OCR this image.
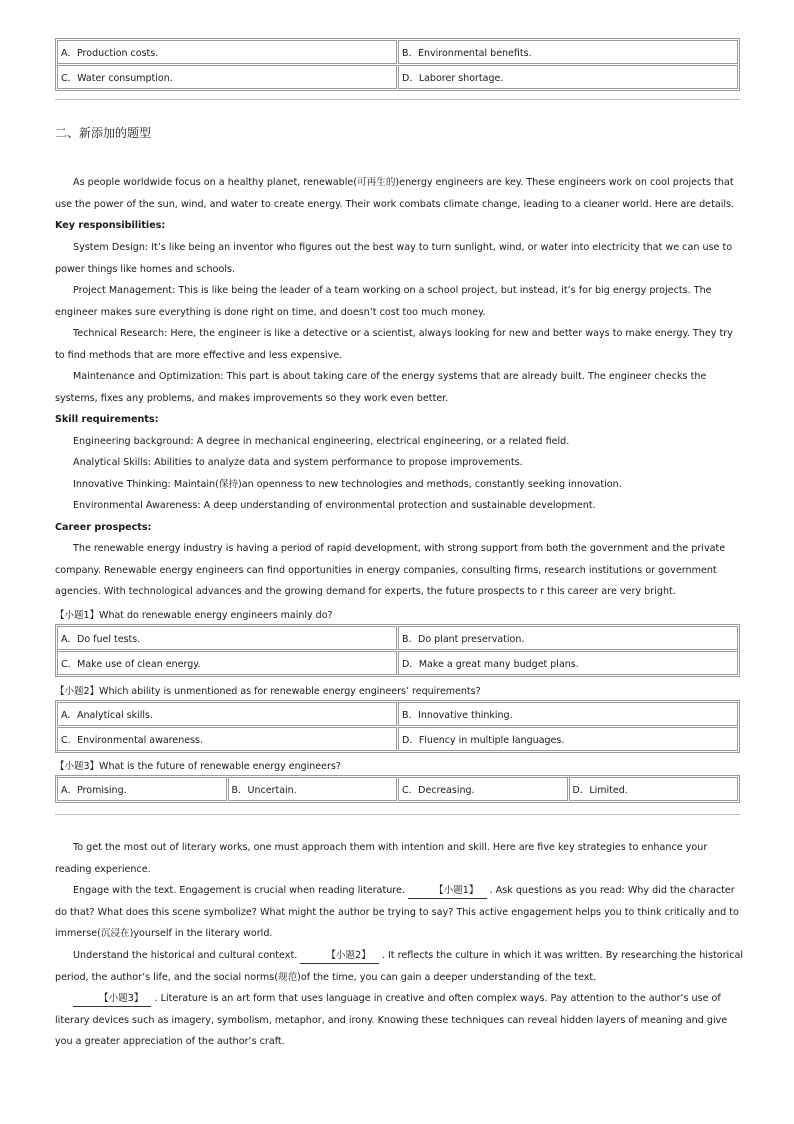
A．Production costs.	B．Environmental benefits.
C．Water consumption.	D．Laborer shortage.
二、新添加的题型
As people worldwide focus on a healthy planet, renewable(可再生的)energy engineers are key. These engineers work on cool projects that use the power of the sun, wind, and water to create energy. Their work combats climate change, leading to a cleaner world. Here are details.
Key responsibilities:
System Design: It’s like being an inventor who figures out the best way to turn sunlight, wind, or water into electricity that we can use to power things like homes and schools.
Project Management: This is like being the leader of a team working on a school project, but instead, it’s for big energy projects. The engineer makes sure everything is done right on time, and doesn’t cost too much money.
Technical Research: Here, the engineer is like a detective or a scientist, always looking for new and better ways to make energy. They try to find methods that are more effective and less expensive.
Maintenance and Optimization: This part is about taking care of the energy systems that are already built. The engineer checks the systems, fixes any problems, and makes improvements so they work even better.
Skill requirements:
Engineering background: A degree in mechanical engineering, electrical engineering, or a related field.
Analytical Skills: Abilities to analyze data and system performance to propose improvements.
Innovative Thinking: Maintain(保持)an openness to new technologies and methods, constantly seeking innovation.
Environmental Awareness: A deep understanding of environmental protection and sustainable development.
Career prospects:
The renewable energy industry is having a period of rapid development, with strong support from both the government and the private company. Renewable energy engineers can find opportunities in energy companies, consulting firms, research institutions or government agencies. With technological advances and the growing demand for experts, the future prospects to r this career are very bright.
【小题1】What do renewable energy engineers mainly do?
A．Do fuel tests.	B．Do plant preservation.
C．Make use of clean energy.	D．Make a great many budget plans.
【小题2】Which ability is unmentioned as for renewable energy engineers’ requirements?
A．Analytical skills.	B．Innovative thinking.
C．Environmental awareness.	D．Fluency in multiple languages.
【小题3】What is the future of renewable energy engineers?
A．Promising.	B．Uncertain.	C．Decreasing.	D．Limited.
To get the most out of literary works, one must approach them with intention and skill. Here are five key strategies to enhance your reading experience.
Engage with the text. Engagement is crucial when reading literature.	【小题1】 . Ask questions as you read: Why did the character do that? What does this scene symbolize? What might the author be trying to say? This active engagement helps you to think critically and to immerse(沉浸在)yourself in the literary world.
Understand the historical and cultural context.	【小题2】 . It reflects the culture in which it was written. By researching the historical period, the author’s life, and the social norms(规范)of the time, you can gain a deeper understanding of the text.
【小题3】 . Literature is an art form that uses language in creative and often complex ways. Pay attention to the author’s use of literary devices such as imagery, symbolism, metaphor, and irony. Knowing these techniques can reveal hidden layers of meaning and give you a greater appreciation of the author’s craft.
